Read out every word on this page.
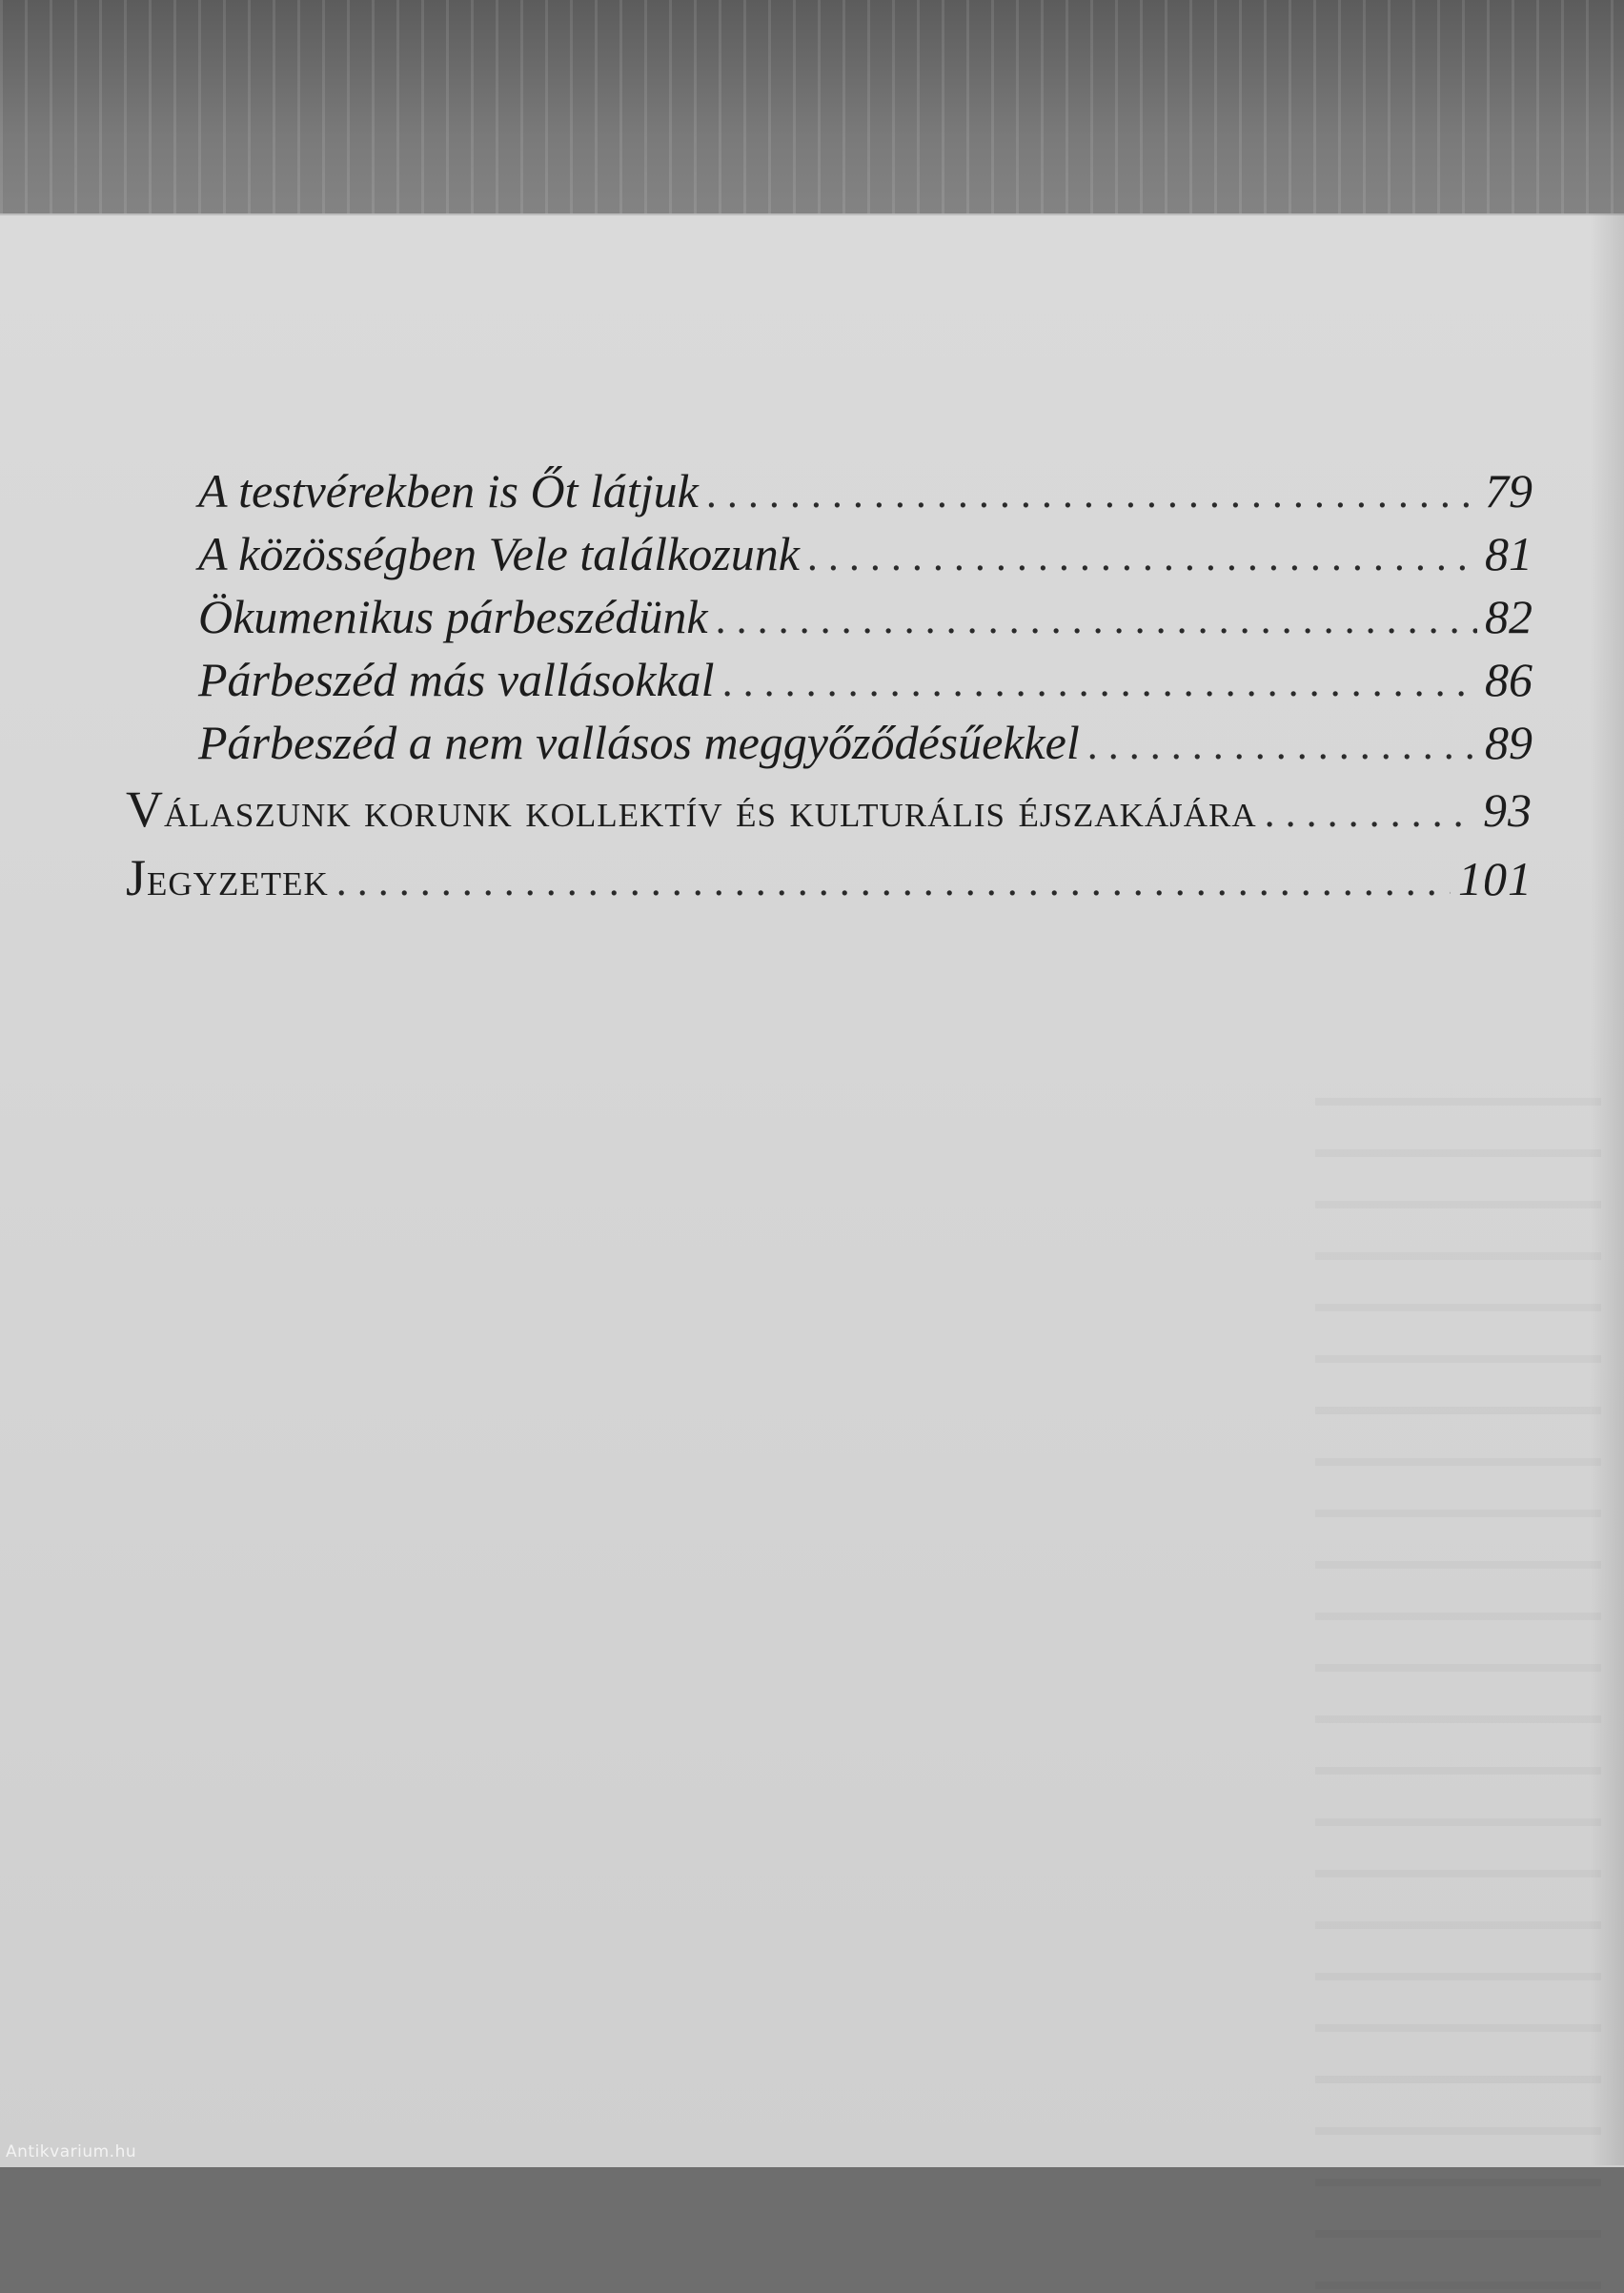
A testvérekben is Őt látjuk . . .	79
A közösségben Vele találkozunk . . .	81
Ökumenikus párbeszédünk . . .	82
Párbeszéd más vallásokkal . . .	86
Párbeszéd a nem vallásos meggyőződésűekkel . . .	89
Válaszunk korunk kollektív és kulturális éjszakájára . . .	93
Jegyzetek . . .	101
Antikvarium.hu
